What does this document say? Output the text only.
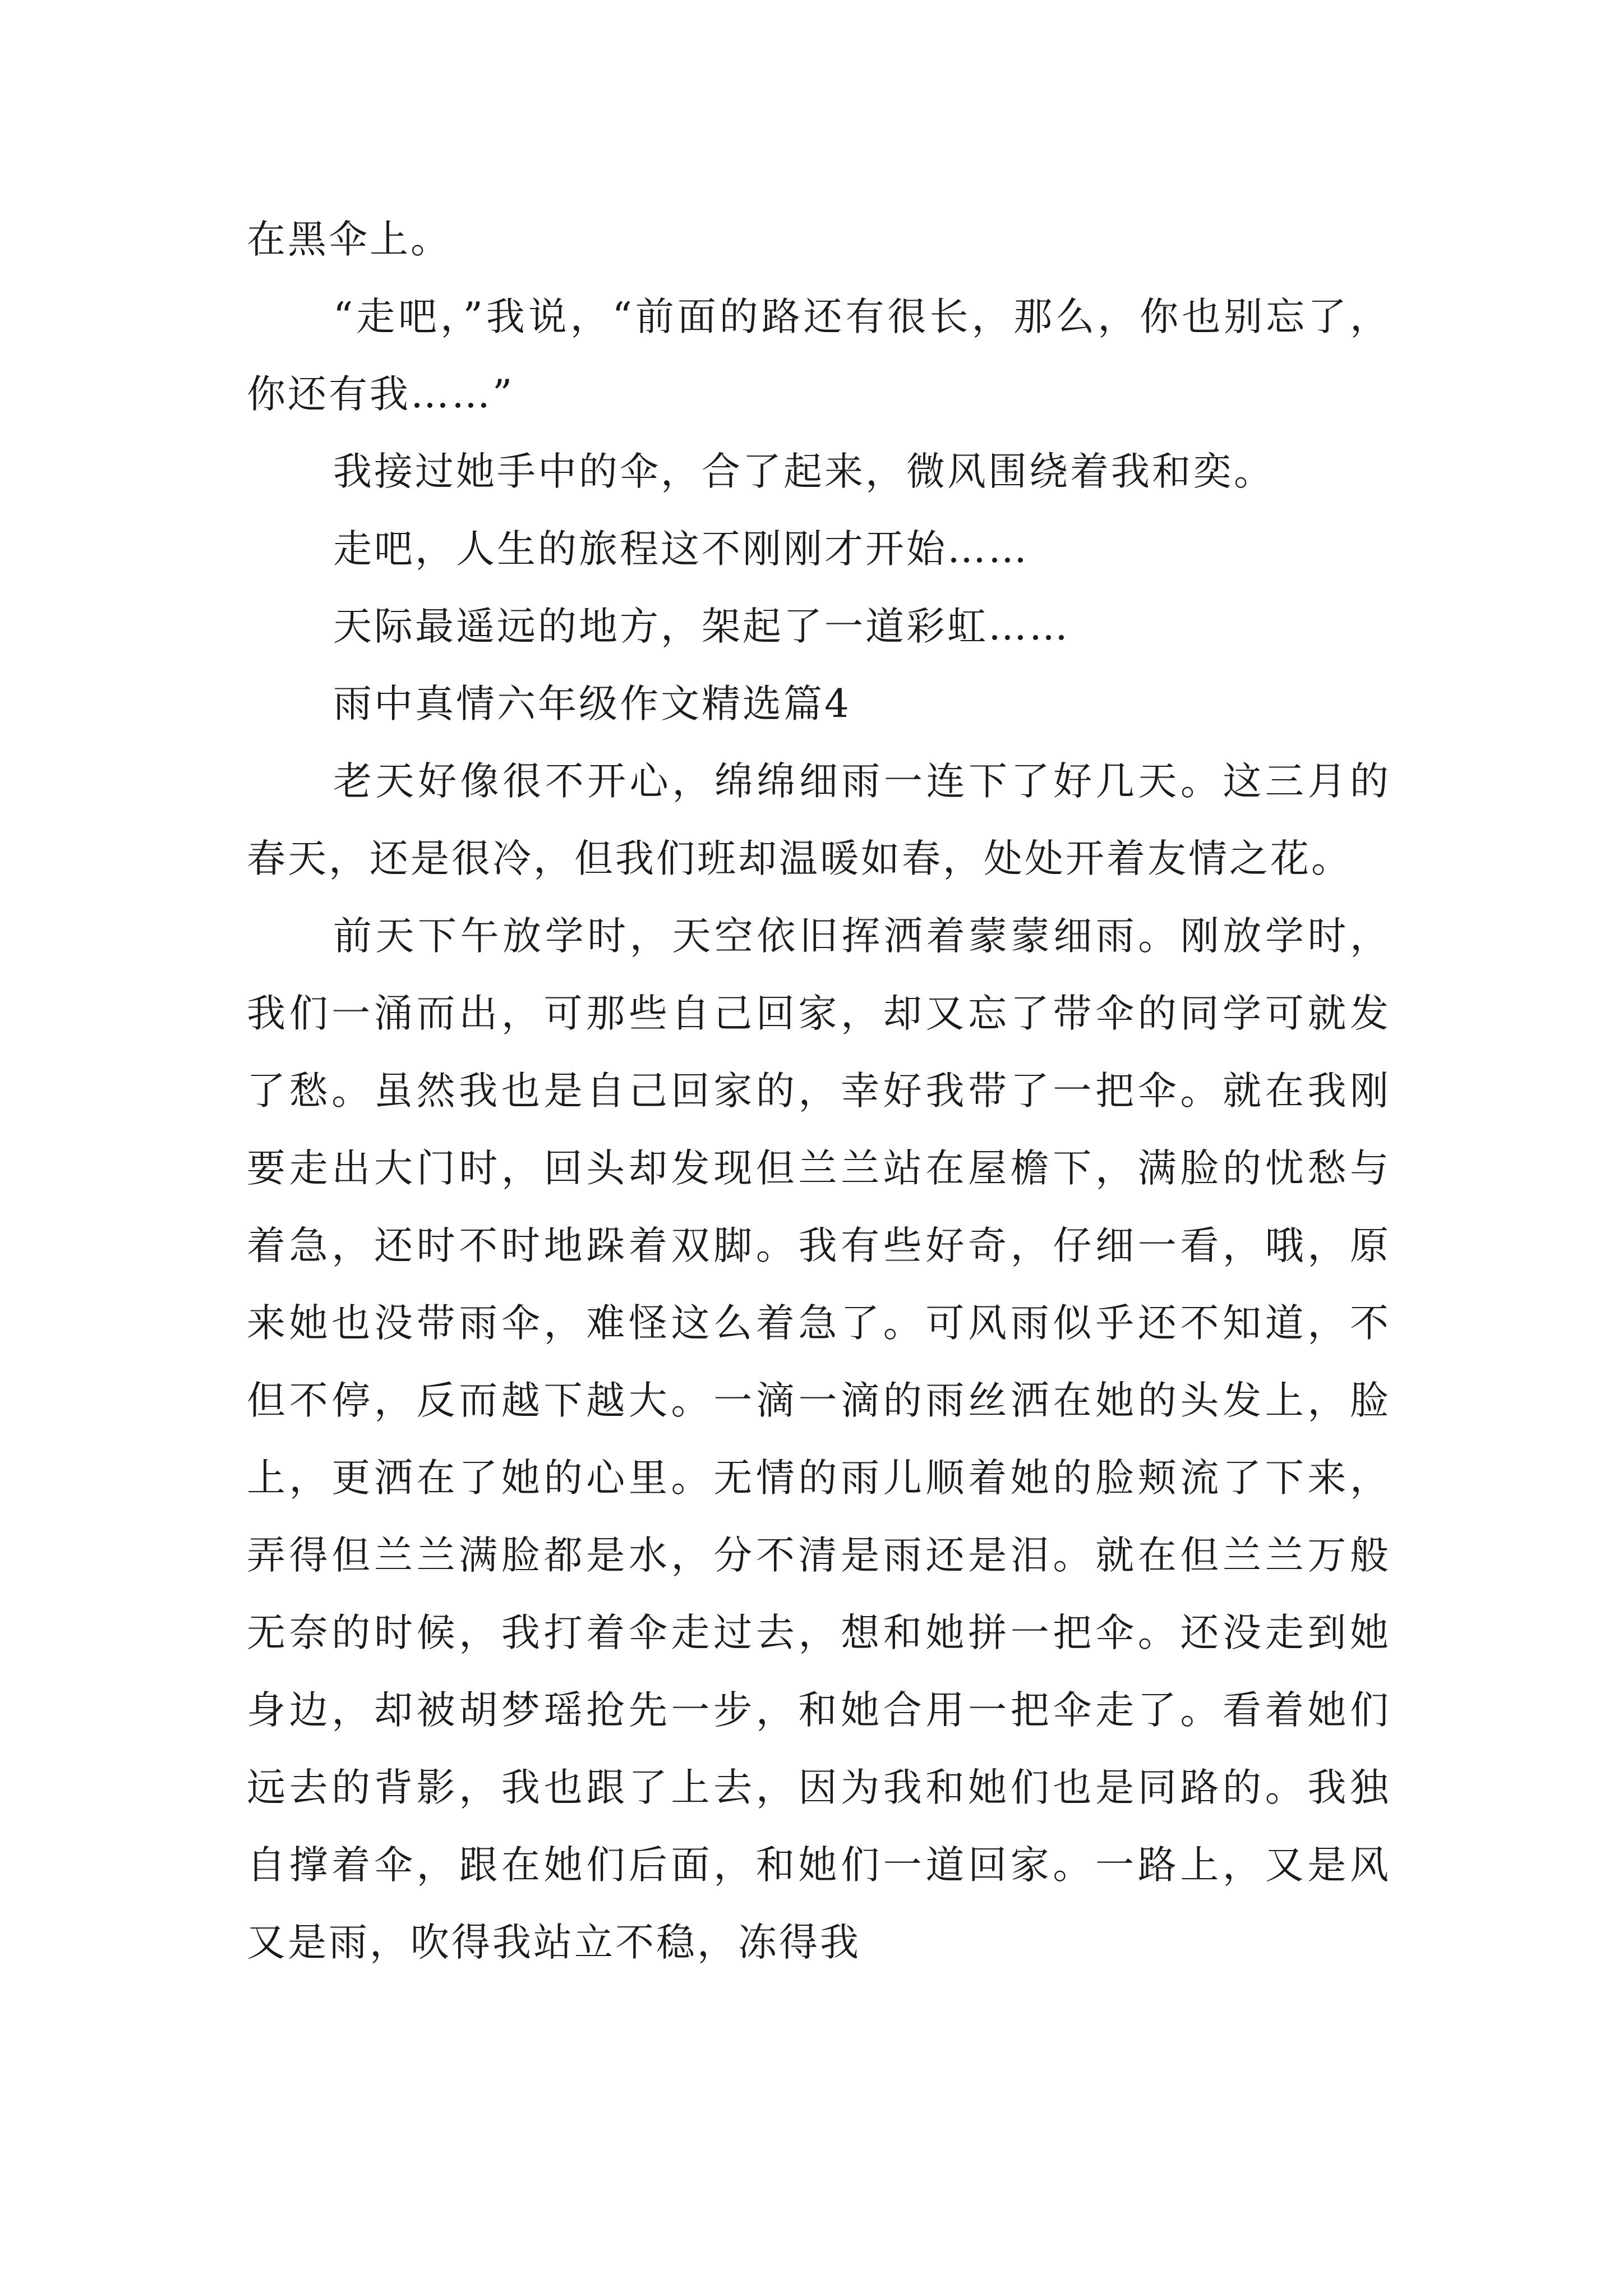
在黑伞上。

“走吧，”我说，“前面的路还有很长，那么，你也别忘了，你还有我……”

我接过她手中的伞，合了起来，微风围绕着我和奕。

走吧，人生的旅程这不刚刚才开始……

天际最遥远的地方，架起了一道彩虹……

雨中真情六年级作文精选篇4

老天好像很不开心，绵绵细雨一连下了好几天。这三月的春天，还是很冷，但我们班却温暖如春，处处开着友情之花。

前天下午放学时，天空依旧挥洒着蒙蒙细雨。刚放学时，我们一涌而出，可那些自己回家，却又忘了带伞的同学可就发了愁。虽然我也是自己回家的，幸好我带了一把伞。就在我刚要走出大门时，回头却发现但兰兰站在屋檐下，满脸的忧愁与着急，还时不时地跺着双脚。我有些好奇，仔细一看，哦，原来她也没带雨伞，难怪这么着急了。可风雨似乎还不知道，不但不停，反而越下越大。一滴一滴的雨丝洒在她的头发上，脸上，更洒在了她的心里。无情的雨儿顺着她的脸颊流了下来，弄得但兰兰满脸都是水，分不清是雨还是泪。就在但兰兰万般无奈的时候，我打着伞走过去，想和她拼一把伞。还没走到她身边，却被胡梦瑶抢先一步，和她合用一把伞走了。看着她们远去的背影，我也跟了上去，因为我和她们也是同路的。我独自撑着伞，跟在她们后面，和她们一道回家。一路上，又是风又是雨，吹得我站立不稳，冻得我
